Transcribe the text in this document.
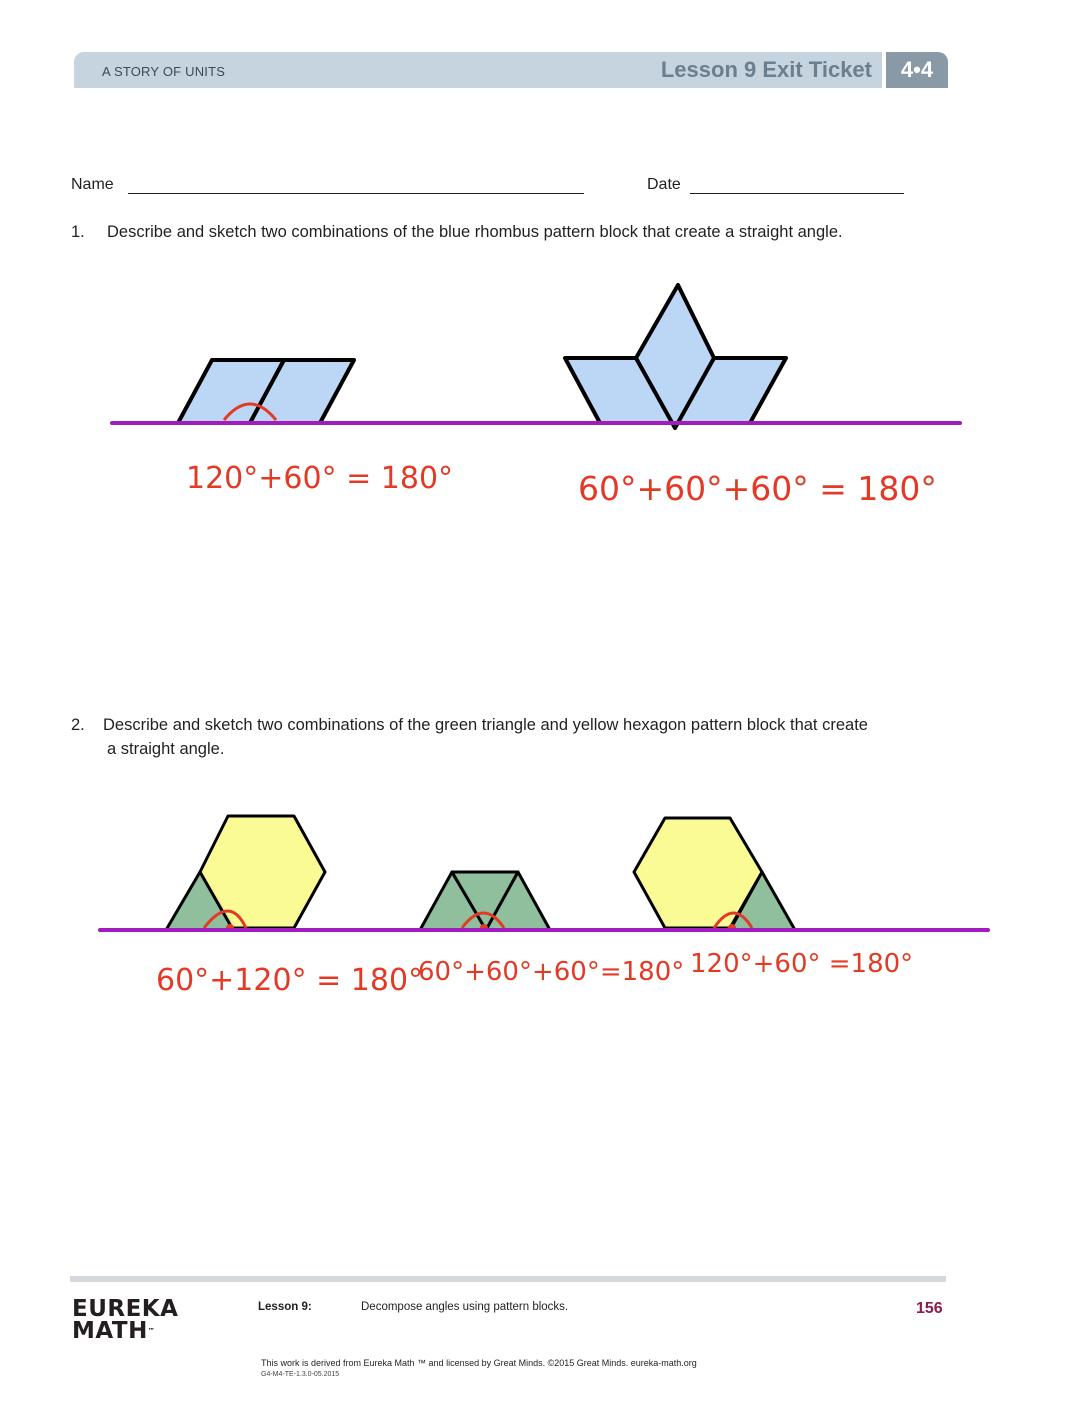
A STORY OF UNITS	Lesson 9 Exit Ticket	4•4
Name	Date
1. Describe and sketch two combinations of the blue rhombus pattern block that create a straight angle.
2. Describe and sketch two combinations of the green triangle and yellow hexagon pattern block that create
a straight angle.
120°+60° = 180°	60°+60°+60° = 180°
60°+120° = 180°
60°+60°+60°=180° 120°+60° =180°
EUREKA
MATH™
Lesson 9:	Decompose angles using pattern blocks.	156
This work is derived from Eureka Math ™ and licensed by Great Minds. ©2015 Great Minds. eureka-math.org
G4-M4-TE-1.3.0-05.2015
